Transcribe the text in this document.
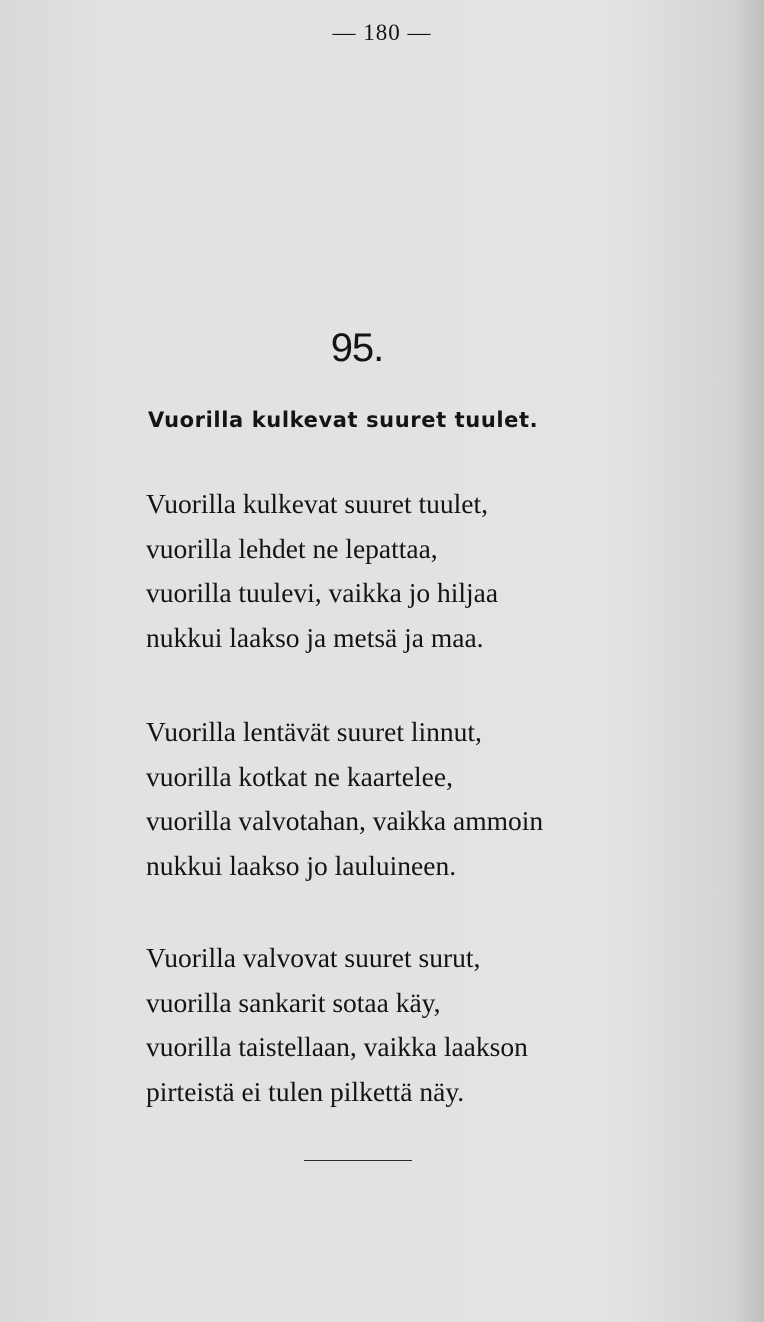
— 180 —
95.
Vuorilla kulkevat suuret tuulet.

Vuorilla kulkevat suuret tuulet,
vuorilla lehdet ne lepattaa,
vuorilla tuulevi, vaikka jo hiljaa
nukkui laakso ja metsä ja maa.

Vuorilla lentävät suuret linnut,
vuorilla kotkat ne kaartelee,
vuorilla valvotahan, vaikka ammoin
nukkui laakso jo lauluineen.

Vuorilla valvovat suuret surut,
vuorilla sankarit sotaa käy,
vuorilla taistellaan, vaikka laakson
pirteistä ei tulen pilkettä näy.
